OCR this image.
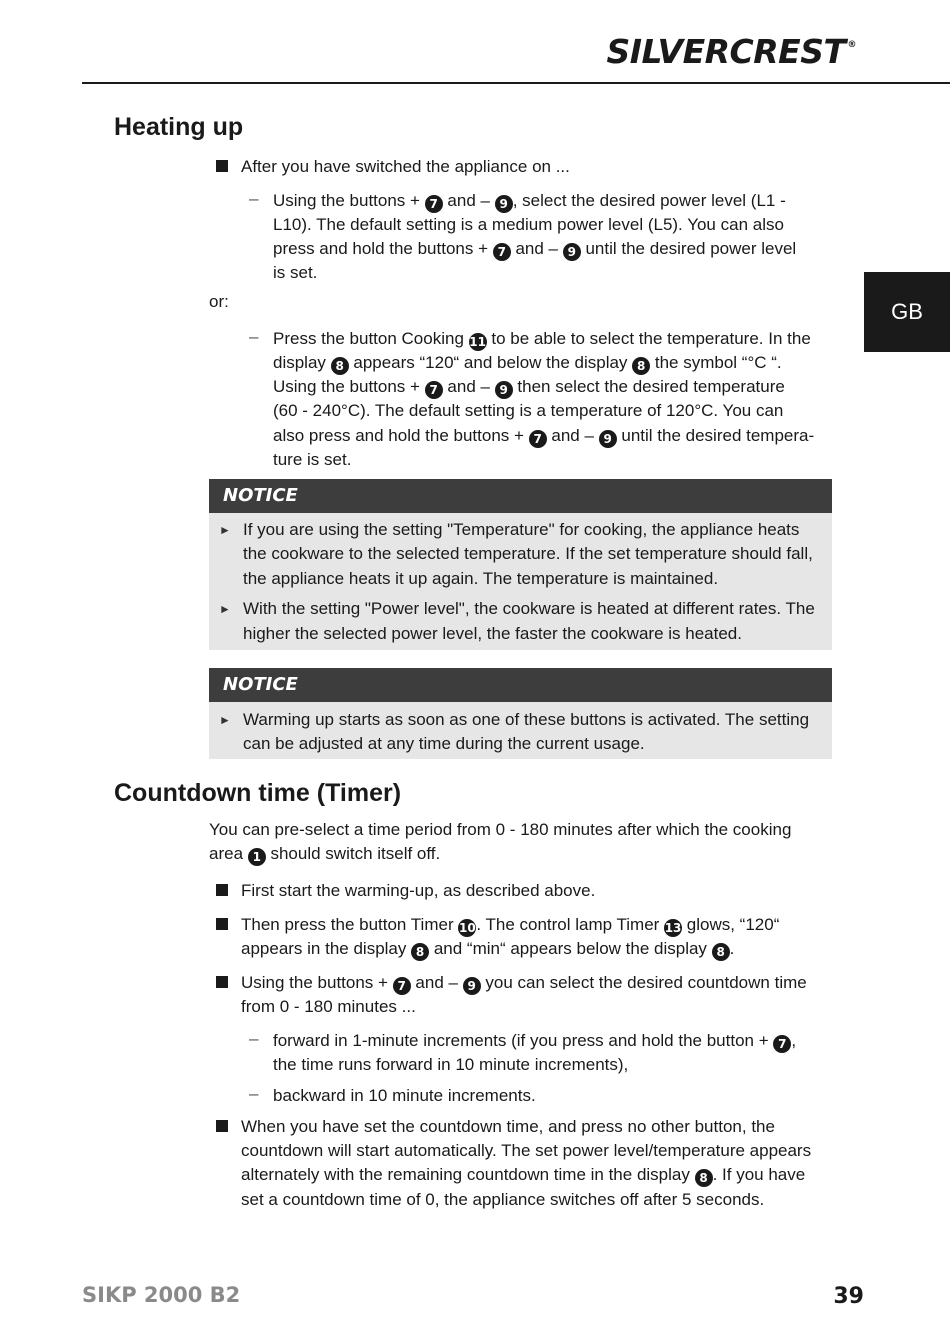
SILVERCREST ®
GB
Heating up
After you have switched the appliance on ...
– Using the buttons + 7 and – 9 , select the desired power level (L1 -
L10). The default setting is a medium power level (L5). You can also
press and hold the buttons + 7 and – 9 until the desired power level
is set.
or:
– Press the button Cooking 11 to be able to select the temperature. In the
display 8 appears “120“ and below the display 8 the symbol “°C “.
Using the buttons + 7 and – 9 then select the desired temperature
(60 - 240°C). The default setting is a temperature of 120°C. You can
also press and hold the buttons + 7 and – 9 until the desired tempera-
ture is set.
NOTICE
► If you are using the setting "Temperature" for cooking, the appliance heats
the cookware to the selected temperature. If the set temperature should fall,
the appliance heats it up again. The temperature is maintained.
► With the setting "Power level", the cookware is heated at different rates. The
higher the selected power level, the faster the cookware is heated.
NOTICE
► Warming up starts as soon as one of these buttons is activated. The setting
can be adjusted at any time during the current usage.
Countdown time (Timer)
You can pre-select a time period from 0 - 180 minutes after which the cooking
area 1 should switch itself off.
First start the warming-up, as described above.
Then press the button Timer 10. The control lamp Timer 13 glows, “120“
appears in the display 8 and “min“ appears below the display 8 .
Using the buttons + 7 and – 9 you can select the desired countdown time
from 0 - 180 minutes ...
– forward in 1-minute increments (if you press and hold the button + 7 ,
the time runs forward in 10 minute increments),
– backward in 10 minute increments.
When you have set the countdown time, and press no other button, the
countdown will start automatically. The set power level/temperature appears
alternately with the remaining countdown time in the display 8 . If you have
set a countdown time of 0, the appliance switches off after 5 seconds.
SIKP 2000 B2	39
